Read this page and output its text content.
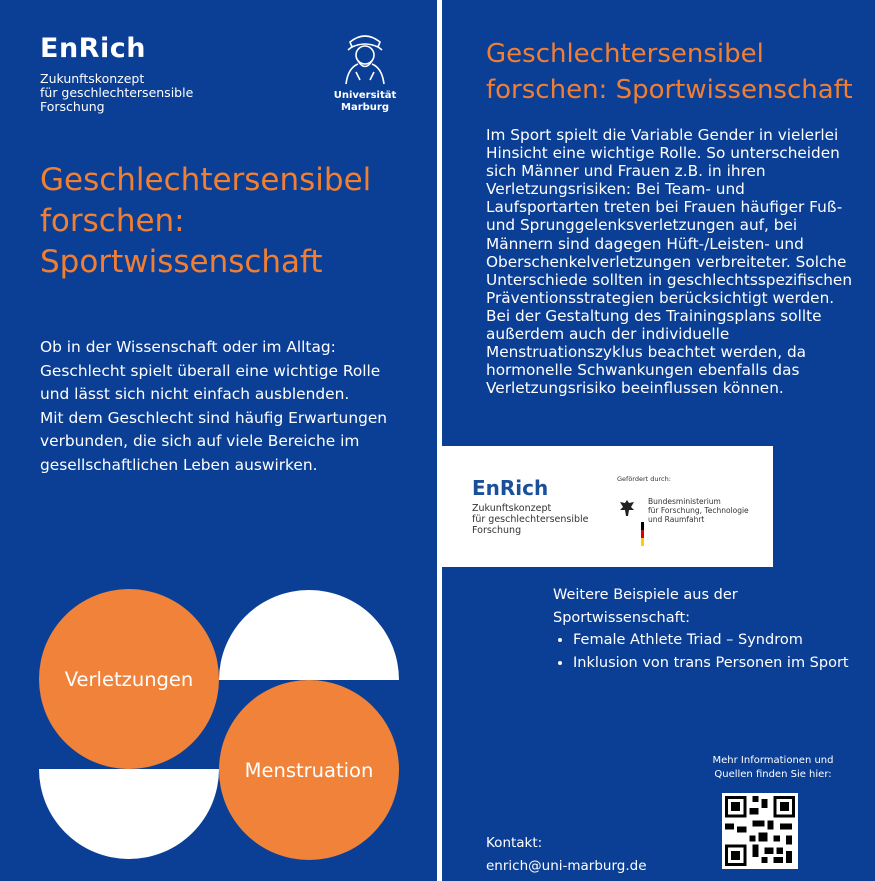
EnRich
Zukunftskonzept
für geschlechtersensible
Forschung
Universität
Marburg
Geschlechtersensibel
forschen:
Sportwissenschaft

Ob in der Wissenschaft oder im Alltag: Geschlecht spielt überall eine wichtige Rolle und lässt sich nicht einfach ausblenden.

Mit dem Geschlecht sind häufig Erwartungen verbunden, die sich auf viele Bereiche im gesellschaftlichen Leben auswirken.

Verletzungen
Menstruation
Geschlechtersensibel
forschen: Sportwissenschaft
Im Sport spielt die Variable Gender in vielerlei Hinsicht eine wichtige Rolle. So unterscheiden sich Männer und Frauen z.B. in ihren Verletzungsrisiken: Bei Team- und Laufsportarten treten bei Frauen häufiger Fuß- und Sprunggelenksverletzungen auf, bei Männern sind dagegen Hüft-/Leisten- und Oberschenkelverletzungen verbreiteter. Solche Unterschiede sollten in geschlechtsspezifischen Präventionsstrategien berücksichtigt werden. Bei der Gestaltung des Trainingsplans sollte außerdem auch der individuelle Menstruationszyklus beachtet werden, da hormonelle Schwankungen ebenfalls das Verletzungsrisiko beeinflussen können.
EnRich
Zukunftskonzept
für geschlechtersensible
Forschung
Gefördert durch:
Bundesministerium
für Forschung, Technologie
und Raumfahrt
Weitere Beispiele aus der
Sportwissenschaft:
• Female Athlete Triad – Syndrom
• Inklusion von trans Personen im Sport
Mehr Informationen und
Quellen finden Sie hier:
Kontakt:
enrich@uni-marburg.de
